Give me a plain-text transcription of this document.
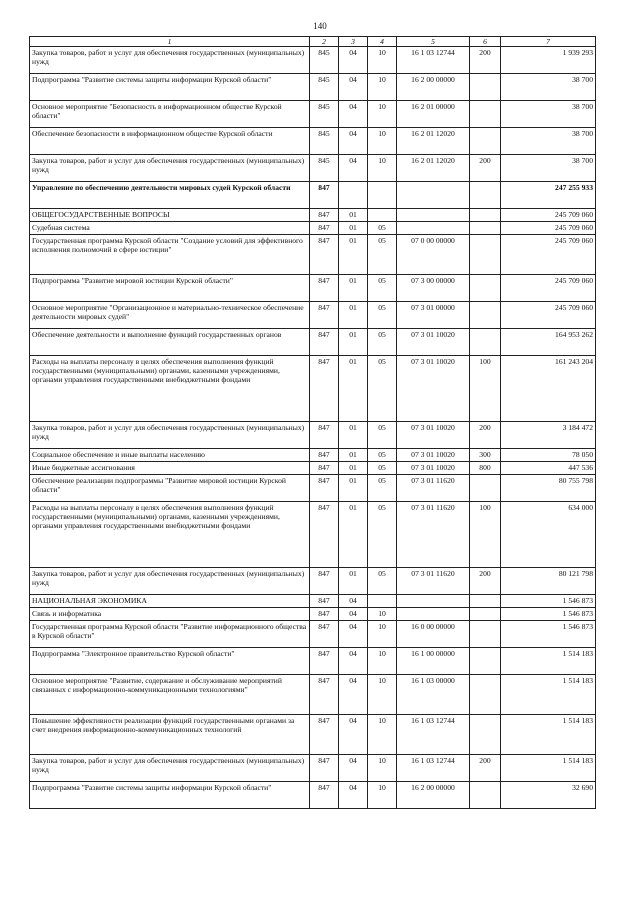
140
1	2	3	4	5	6	7
Закупка товаров, работ и услуг для обеспечения государственных (муниципальных) нужд	845	04	10	16 1 03 12744	200	1 939 293
Подпрограмма "Развитие системы защиты информации Курской области"	845	04	10	16 2 00 00000		38 700
Основное мероприятие "Безопасность в информационном обществе Курской области"	845	04	10	16 2 01 00000		38 700
Обеспечение безопасности в информационном обществе Курской области	845	04	10	16 2 01 12020		38 700
Закупка товаров, работ и услуг для обеспечения государственных (муниципальных) нужд	845	04	10	16 2 01 12020	200	38 700
Управление по обеспечению деятельности мировых судей Курской области	847					247 255 933
ОБЩЕГОСУДАРСТВЕННЫЕ ВОПРОСЫ	847	01				245 709 060
Судебная система	847	01	05			245 709 060
Государственная программа Курской области "Создание условий для эффективного исполнения полномочий в сфере юстиции"	847	01	05	07 0 00 00000		245 709 060
Подпрограмма "Развитие мировой юстиции Курской области"	847	01	05	07 3 00 00000		245 709 060
Основное мероприятие "Организационное и материально-техническое обеспечение деятельности мировых судей"	847	01	05	07 3 01 00000		245 709 060
Обеспечение деятельности и выполнение функций государственных органов	847	01	05	07 3 01 10020		164 953 262
Расходы на выплаты персоналу в целях обеспечения выполнения функций государственными (муниципальными) органами, казенными учреждениями, органами управления государственными внебюджетными фондами	847	01	05	07 3 01 10020	100	161 243 204
Закупка товаров, работ и услуг для обеспечения государственных (муниципальных) нужд	847	01	05	07 3 01 10020	200	3 184 472
Социальное обеспечение и иные выплаты населению	847	01	05	07 3 01 10020	300	78 050
Иные бюджетные ассигнования	847	01	05	07 3 01 10020	800	447 536
Обеспечение реализации подпрограммы "Развитие мировой юстиции Курской области"	847	01	05	07 3 01 11620		80 755 798
Расходы на выплаты персоналу в целях обеспечения выполнения функций государственными (муниципальными) органами, казенными учреждениями, органами управления государственными внебюджетными фондами	847	01	05	07 3 01 11620	100	634 000
Закупка товаров, работ и услуг для обеспечения государственных (муниципальных) нужд	847	01	05	07 3 01 11620	200	80 121 798
НАЦИОНАЛЬНАЯ ЭКОНОМИКА	847	04				1 546 873
Связь и информатика	847	04	10			1 546 873
Государственная программа Курской области "Развитие информационного общества в Курской области"	847	04	10	16 0 00 00000		1 546 873
Подпрограмма "Электронное правительство Курской области"	847	04	10	16 1 00 00000		1 514 183
Основное мероприятие "Развитие, содержание и обслуживание мероприятий связанных с информационно-коммуникационными технологиями"	847	04	10	16 1 03 00000		1 514 183
Повышение эффективности реализации функций государственными органами за счет внедрения информационно-коммуникационных технологий	847	04	10	16 1 03 12744		1 514 183
Закупка товаров, работ и услуг для обеспечения государственных (муниципальных) нужд	847	04	10	16 1 03 12744	200	1 514 183
Подпрограмма "Развитие системы защиты информации Курской области"	847	04	10	16 2 00 00000		32 690
